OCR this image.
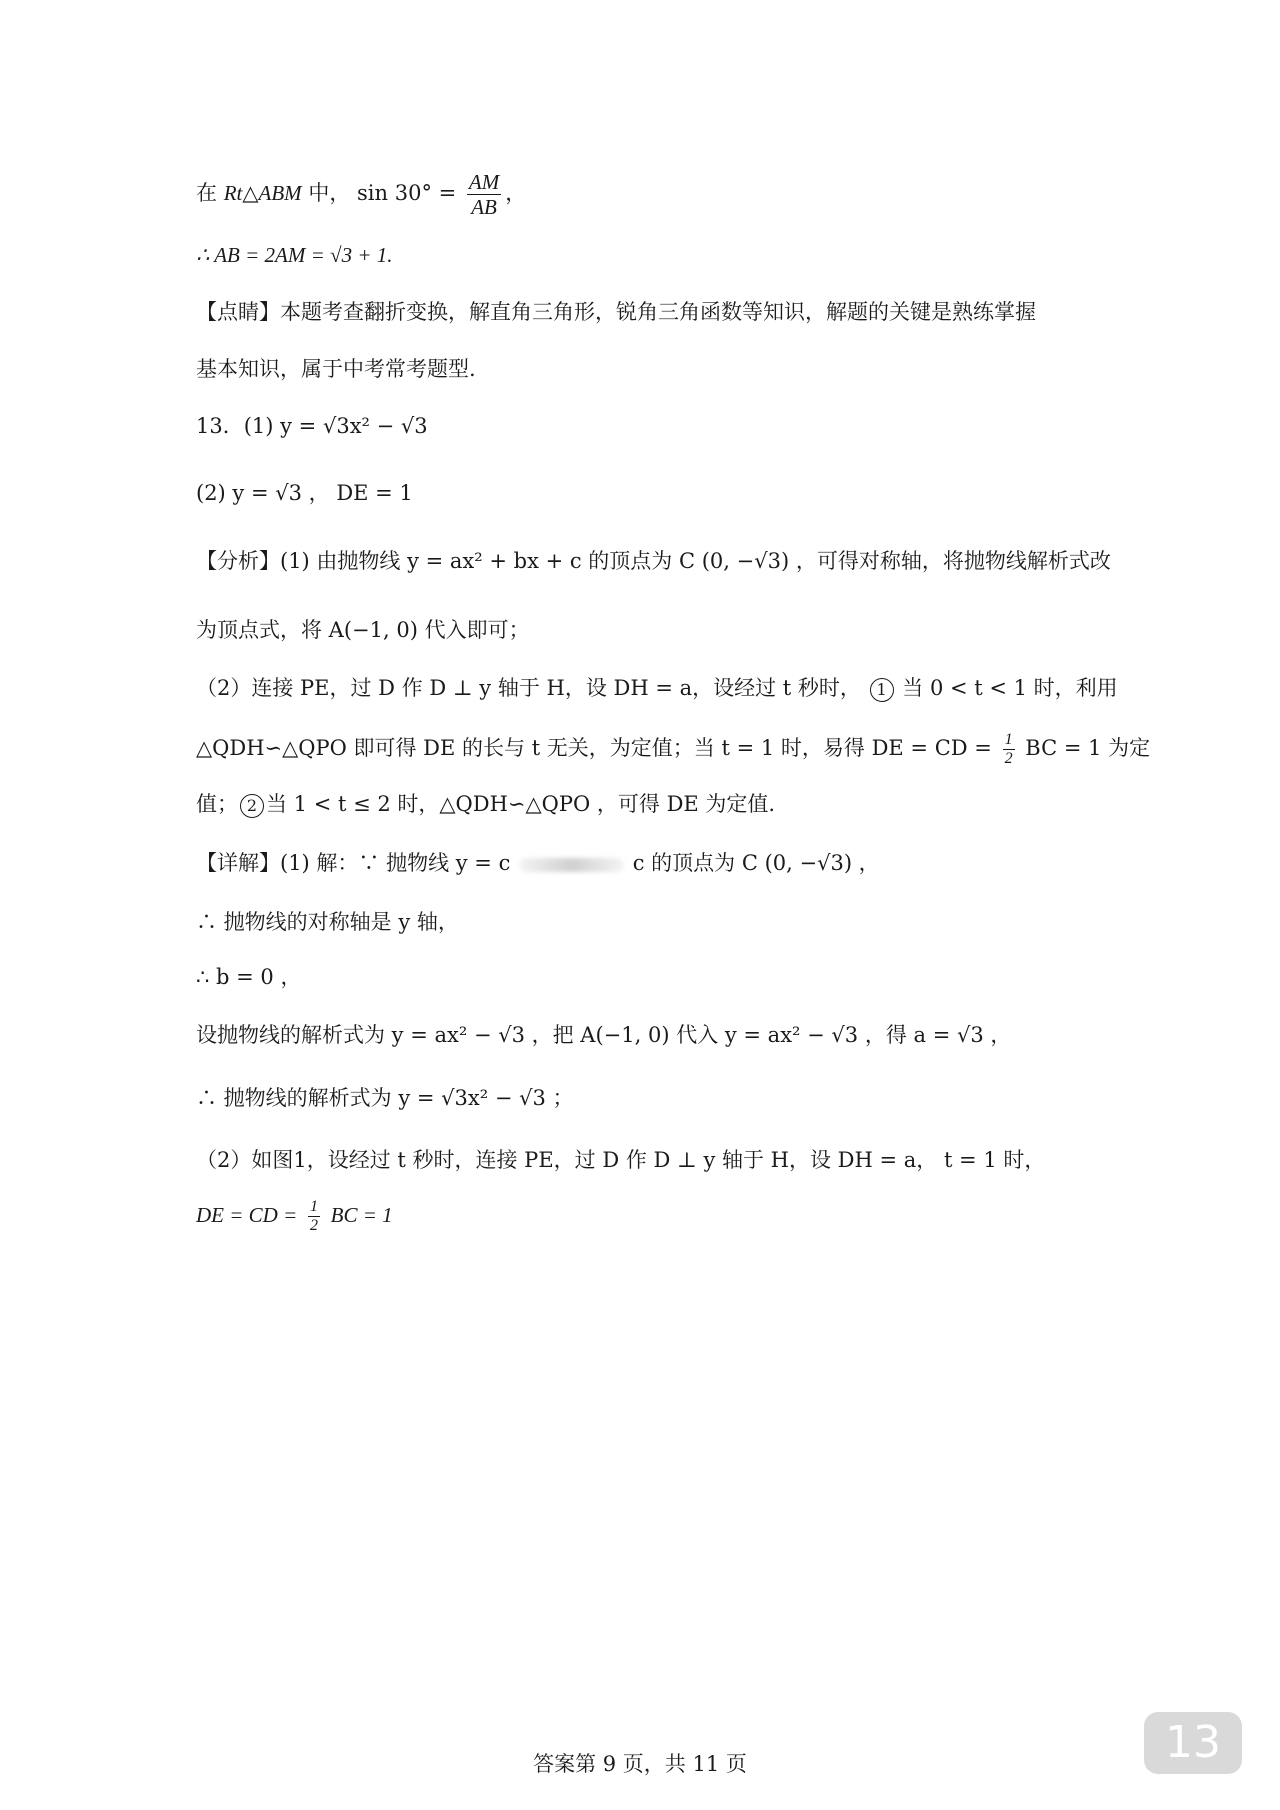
在 Rt△ABM 中， $\sin 30^\circ = \frac{AM}{AB}$ ，
∴ AB = 2AM = √3 + 1.
【点睛】本题考查翻折变换，解直角三角形，锐角三角函数等知识，解题的关键是熟练掌握
基本知识，属于中考常考题型.
13．(1) y = √3x² − √3
(2) y = √3 ， DE = 1
【分析】(1) 由抛物线 y = ax² + bx + c 的顶点为 C (0, −√3) ，可得对称轴，将抛物线解析式改
为顶点式，将 A(−1, 0) 代入即可；
（2）连接 PE，过 D 作 D ⊥ y 轴于 H，设 DH = a，设经过 t 秒时， 1 当 0 < t < 1 时，利用
△QDH∽△QPO 即可得 DE 的长与 t 无关，为定值；当 t = 1 时，易得 DE = CD = $\frac{1}{2}$ BC = 1 为定
值； 2 当 1 < t ≤ 2 时，△QDH∽△QPO ，可得 DE 为定值.
【详解】(1) 解：∵ 抛物线 y = c	c 的顶点为 C (0, −√3) ，
∴ 抛物线的对称轴是 y 轴，
∴ b = 0 ，
设抛物线的解析式为 y = ax² − √3 ，把 A(−1, 0) 代入 y = ax² − √3 ，得 a = √3 ，
∴ 抛物线的解析式为 y = √3x² − √3 ；
（2）如图1，设经过 t 秒时，连接 PE，过 D 作 D ⊥ y 轴于 H，设 DH = a， t = 1 时，
DE = CD = $\frac{1}{2}$ BC = 1
答案第 9 页，共 11 页	13
